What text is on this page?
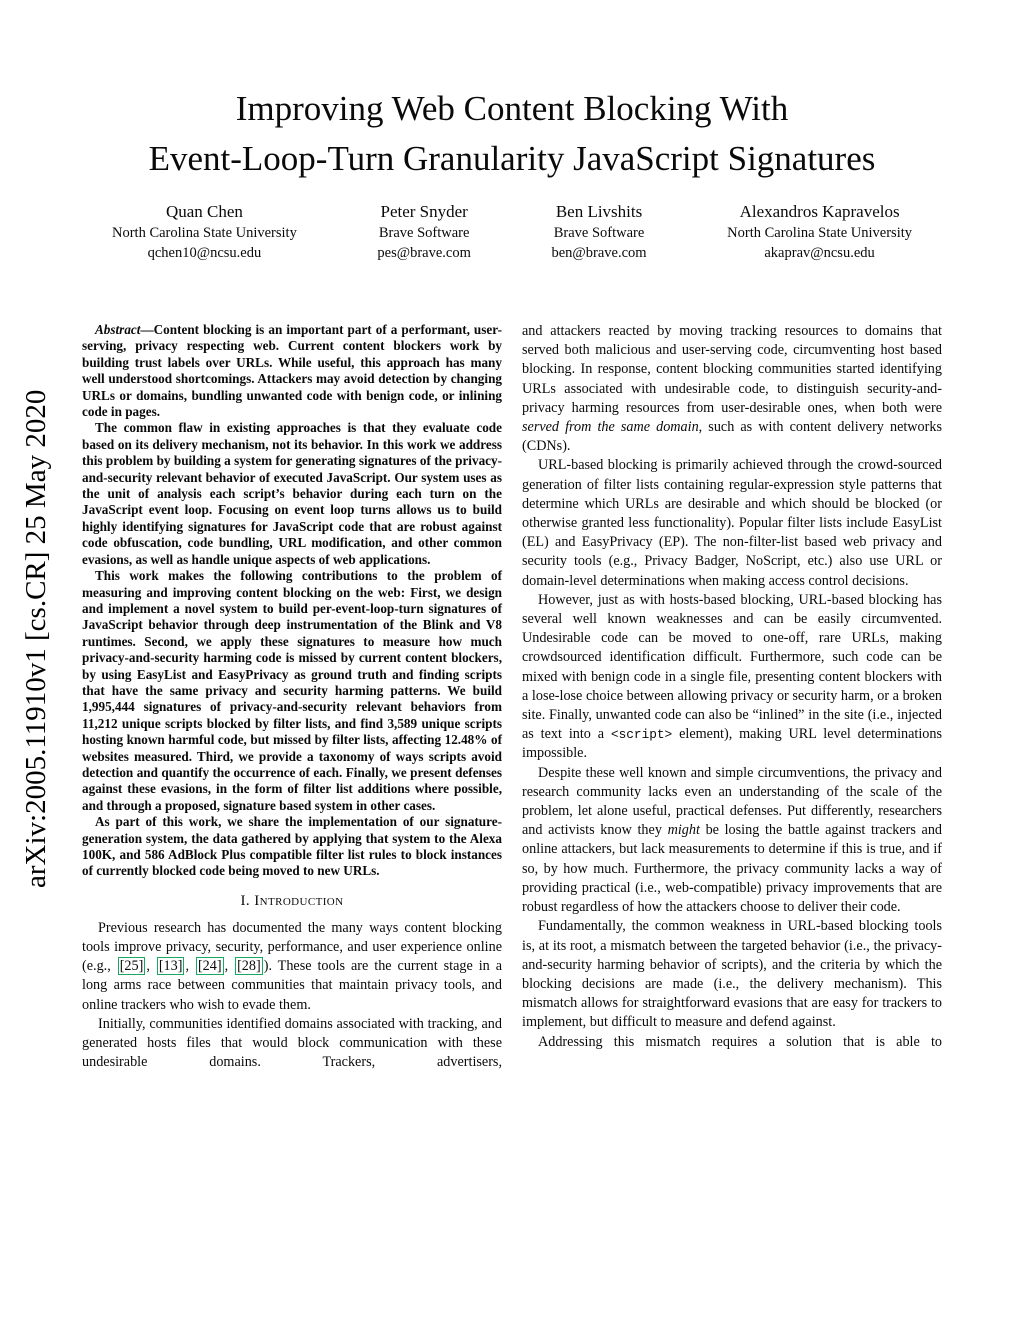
arXiv:2005.11910v1 [cs.CR] 25 May 2020
Improving Web Content Blocking With
Event-Loop-Turn Granularity JavaScript Signatures
Quan Chen
North Carolina State University
qchen10@ncsu.edu
Peter Snyder
Brave Software
pes@brave.com
Ben Livshits
Brave Software
ben@brave.com
Alexandros Kapravelos
North Carolina State University
akaprav@ncsu.edu

Abstract—Content blocking is an important part of a performant, user-serving, privacy respecting web. Current content blockers work by building trust labels over URLs. While useful, this approach has many well understood shortcomings. Attackers may avoid detection by changing URLs or domains, bundling unwanted code with benign code, or inlining code in pages.

The common flaw in existing approaches is that they evaluate code based on its delivery mechanism, not its behavior. In this work we address this problem by building a system for generating signatures of the privacy-and-security relevant behavior of executed JavaScript. Our system uses as the unit of analysis each script’s behavior during each turn on the JavaScript event loop. Focusing on event loop turns allows us to build highly identifying signatures for JavaScript code that are robust against code obfuscation, code bundling, URL modification, and other common evasions, as well as handle unique aspects of web applications.

This work makes the following contributions to the problem of measuring and improving content blocking on the web: First, we design and implement a novel system to build per-event-loop-turn signatures of JavaScript behavior through deep instrumentation of the Blink and V8 runtimes. Second, we apply these signatures to measure how much privacy-and-security harming code is missed by current content blockers, by using EasyList and EasyPrivacy as ground truth and finding scripts that have the same privacy and security harming patterns. We build 1,995,444 signatures of privacy-and-security relevant behaviors from 11,212 unique scripts blocked by filter lists, and find 3,589 unique scripts hosting known harmful code, but missed by filter lists, affecting 12.48% of websites measured. Third, we provide a taxonomy of ways scripts avoid detection and quantify the occurrence of each. Finally, we present defenses against these evasions, in the form of filter list additions where possible, and through a proposed, signature based system in other cases.

As part of this work, we share the implementation of our signature-generation system, the data gathered by applying that system to the Alexa 100K, and 586 AdBlock Plus compatible filter list rules to block instances of currently blocked code being moved to new URLs.

I. Introduction

Previous research has documented the many ways content blocking tools improve privacy, security, performance, and user experience online (e.g., [25] , [13] , [24] , [28] ). These tools are the current stage in a long arms race between communities that maintain privacy tools, and online trackers who wish to evade them.

Initially, communities identified domains associated with tracking, and generated hosts files that would block communication with these undesirable domains. Trackers, advertisers,

and attackers reacted by moving tracking resources to domains that served both malicious and user-serving code, circumventing host based blocking. In response, content blocking communities started identifying URLs associated with undesirable code, to distinguish security-and-privacy harming resources from user-desirable ones, when both were served from the same domain, such as with content delivery networks (CDNs).

URL-based blocking is primarily achieved through the crowd-sourced generation of filter lists containing regular-expression style patterns that determine which URLs are desirable and which should be blocked (or otherwise granted less functionality). Popular filter lists include EasyList (EL) and EasyPrivacy (EP). The non-filter-list based web privacy and security tools (e.g., Privacy Badger, NoScript, etc.) also use URL or domain-level determinations when making access control decisions.

However, just as with hosts-based blocking, URL-based blocking has several well known weaknesses and can be easily circumvented. Undesirable code can be moved to one-off, rare URLs, making crowdsourced identification difficult. Furthermore, such code can be mixed with benign code in a single file, presenting content blockers with a lose-lose choice between allowing privacy or security harm, or a broken site. Finally, unwanted code can also be “inlined” in the site (i.e., injected as text into a <script> element), making URL level determinations impossible.

Despite these well known and simple circumventions, the privacy and research community lacks even an understanding of the scale of the problem, let alone useful, practical defenses. Put differently, researchers and activists know they might be losing the battle against trackers and online attackers, but lack measurements to determine if this is true, and if so, by how much. Furthermore, the privacy community lacks a way of providing practical (i.e., web-compatible) privacy improvements that are robust regardless of how the attackers choose to deliver their code.

Fundamentally, the common weakness in URL-based blocking tools is, at its root, a mismatch between the targeted behavior (i.e., the privacy-and-security harming behavior of scripts), and the criteria by which the blocking decisions are made (i.e., the delivery mechanism). This mismatch allows for straightforward evasions that are easy for trackers to implement, but difficult to measure and defend against.

Addressing this mismatch requires a solution that is able to
